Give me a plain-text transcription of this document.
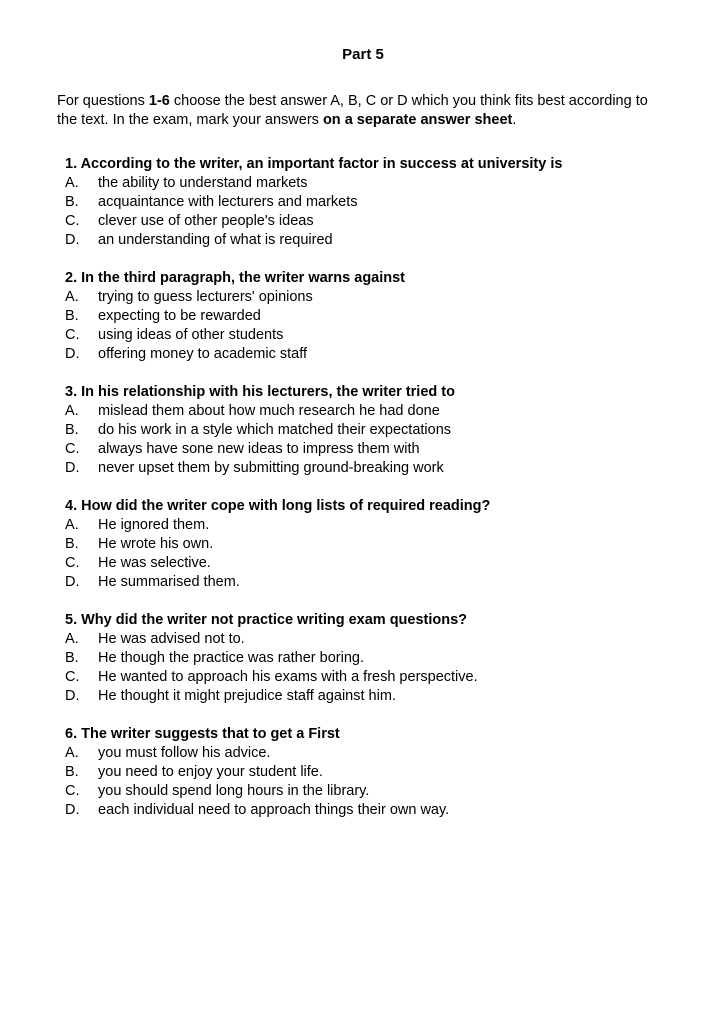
Part 5

For questions 1-6 choose the best answer A, B, C or D which you think fits best according to the text. In the exam, mark your answers on a separate answer sheet.

1. According to the writer, an important factor in success at university is
A.	the ability to understand markets
B.	acquaintance with lecturers and markets
C.	clever use of other people's ideas
D.	an understanding of what is required
2. In the third paragraph, the writer warns against
A.	trying to guess lecturers' opinions
B.	expecting to be rewarded
C.	using ideas of other students
D.	offering money to academic staff
3. In his relationship with his lecturers, the writer tried to
A.	mislead them about how much research he had done
B.	do his work in a style which matched their expectations
C.	always have sone new ideas to impress them with
D.	never upset them by submitting ground-breaking work
4. How did the writer cope with long lists of required reading?
A.	He ignored them.
B.	He wrote his own.
C.	He was selective.
D.	He summarised them.
5. Why did the writer not practice writing exam questions?
A.	He was advised not to.
B.	He though the practice was rather boring.
C.	He wanted to approach his exams with a fresh perspective.
D.	He thought it might prejudice staff against him.
6. The writer suggests that to get a First
A.	you must follow his advice.
B.	you need to enjoy your student life.
C.	you should spend long hours in the library.
D.	each individual need to approach things their own way.
